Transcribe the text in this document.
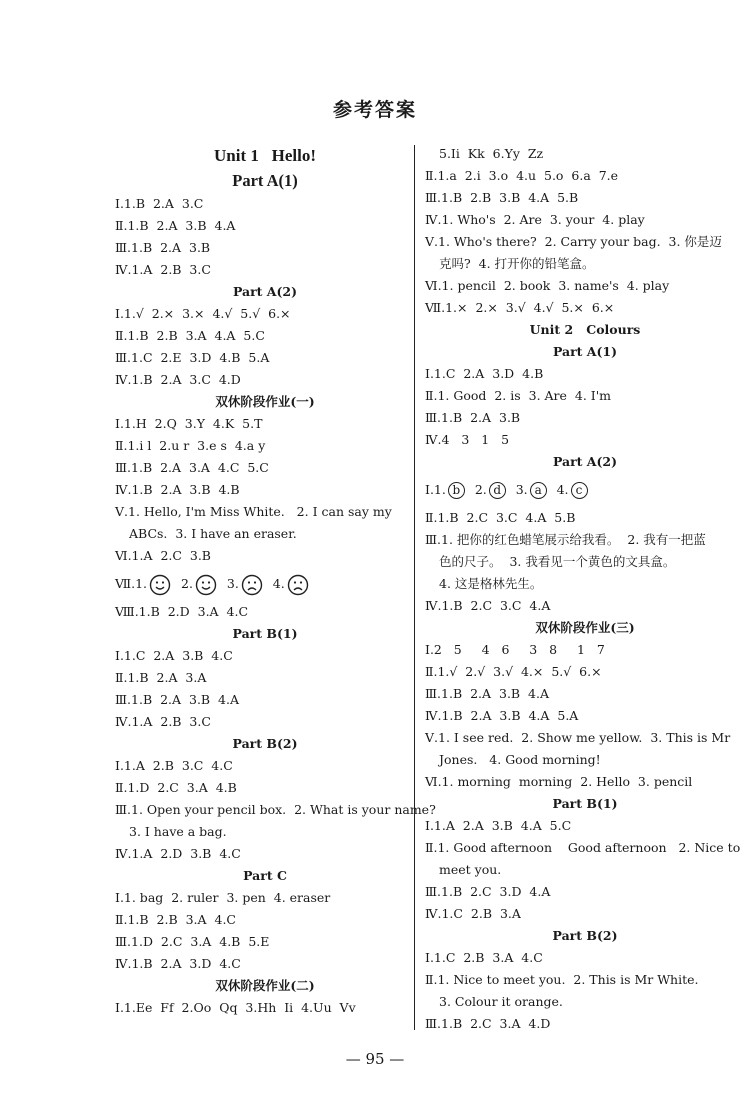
参考答案
Unit 1   Hello!
Part A(1)
Ⅰ.1.B  2.A  3.C
Ⅱ.1.B  2.A  3.B  4.A
Ⅲ.1.B  2.A  3.B
Ⅳ.1.A  2.B  3.C
Part A(2)
Ⅰ.1.√  2.×  3.×  4.√  5.√  6.×
Ⅱ.1.B  2.B  3.A  4.A  5.C
Ⅲ.1.C  2.E  3.D  4.B  5.A
Ⅳ.1.B  2.A  3.C  4.D
双休阶段作业(一)
Ⅰ.1.H  2.Q  3.Y  4.K  5.T
Ⅱ.1.i l  2.u r  3.e s  4.a y
Ⅲ.1.B  2.A  3.A  4.C  5.C
Ⅳ.1.B  2.A  3.B  4.B
Ⅴ.1. Hello, I'm Miss White.   2. I can say my
ABCs.  3. I have an eraser.
Ⅵ.1.A  2.C  3.B
Ⅶ.1.	2.	3.	4.
Ⅷ.1.B  2.D  3.A  4.C
Part B(1)
Ⅰ.1.C  2.A  3.B  4.C
Ⅱ.1.B  2.A  3.A
Ⅲ.1.B  2.A  3.B  4.A
Ⅳ.1.A  2.B  3.C
Part B(2)
Ⅰ.1.A  2.B  3.C  4.C
Ⅱ.1.D  2.C  3.A  4.B
Ⅲ.1. Open your pencil box.  2. What is your name?
3. I have a bag.
Ⅳ.1.A  2.D  3.B  4.C
Part C
Ⅰ.1. bag  2. ruler  3. pen  4. eraser
Ⅱ.1.B  2.B  3.A  4.C
Ⅲ.1.D  2.C  3.A  4.B  5.E
Ⅳ.1.B  2.A  3.D  4.C
双休阶段作业(二)
Ⅰ.1.Ee  Ff  2.Oo  Qq  3.Hh  Ii  4.Uu  Vv
5.Ii  Kk  6.Yy  Zz
Ⅱ.1.a  2.i  3.o  4.u  5.o  6.a  7.e
Ⅲ.1.B  2.B  3.B  4.A  5.B
Ⅳ.1. Who's  2. Are  3. your  4. play
Ⅴ.1. Who's there?  2. Carry your bag.  3. 你是迈
克吗?  4. 打开你的铅笔盒。
Ⅵ.1. pencil  2. book  3. name's  4. play
Ⅶ.1.×  2.×  3.√  4.√  5.×  6.×
Unit 2   Colours
Part A(1)
Ⅰ.1.C  2.A  3.D  4.B
Ⅱ.1. Good  2. is  3. Are  4. I'm
Ⅲ.1.B  2.A  3.B
Ⅳ.4   3   1   5
Part A(2)
Ⅰ.1. b 2. d 3. a 4. c
Ⅱ.1.B  2.C  3.C  4.A  5.B
Ⅲ.1. 把你的红色蜡笔展示给我看。  2. 我有一把蓝
色的尺子。  3. 我看见一个黄色的文具盒。
4. 这是格林先生。
Ⅳ.1.B  2.C  3.C  4.A
双休阶段作业(三)
Ⅰ.2   5     4   6     3   8     1   7
Ⅱ.1.√  2.√  3.√  4.×  5.√  6.×
Ⅲ.1.B  2.A  3.B  4.A
Ⅳ.1.B  2.A  3.B  4.A  5.A
Ⅴ.1. I see red.  2. Show me yellow.  3. This is Mr
Jones.   4. Good morning!
Ⅵ.1. morning  morning  2. Hello  3. pencil
Part B(1)
Ⅰ.1.A  2.A  3.B  4.A  5.C
Ⅱ.1. Good afternoon    Good afternoon   2. Nice to
meet you.
Ⅲ.1.B  2.C  3.D  4.A
Ⅳ.1.C  2.B  3.A
Part B(2)
Ⅰ.1.C  2.B  3.A  4.C
Ⅱ.1. Nice to meet you.  2. This is Mr White.
3. Colour it orange.
Ⅲ.1.B  2.C  3.A  4.D
— 95 —
